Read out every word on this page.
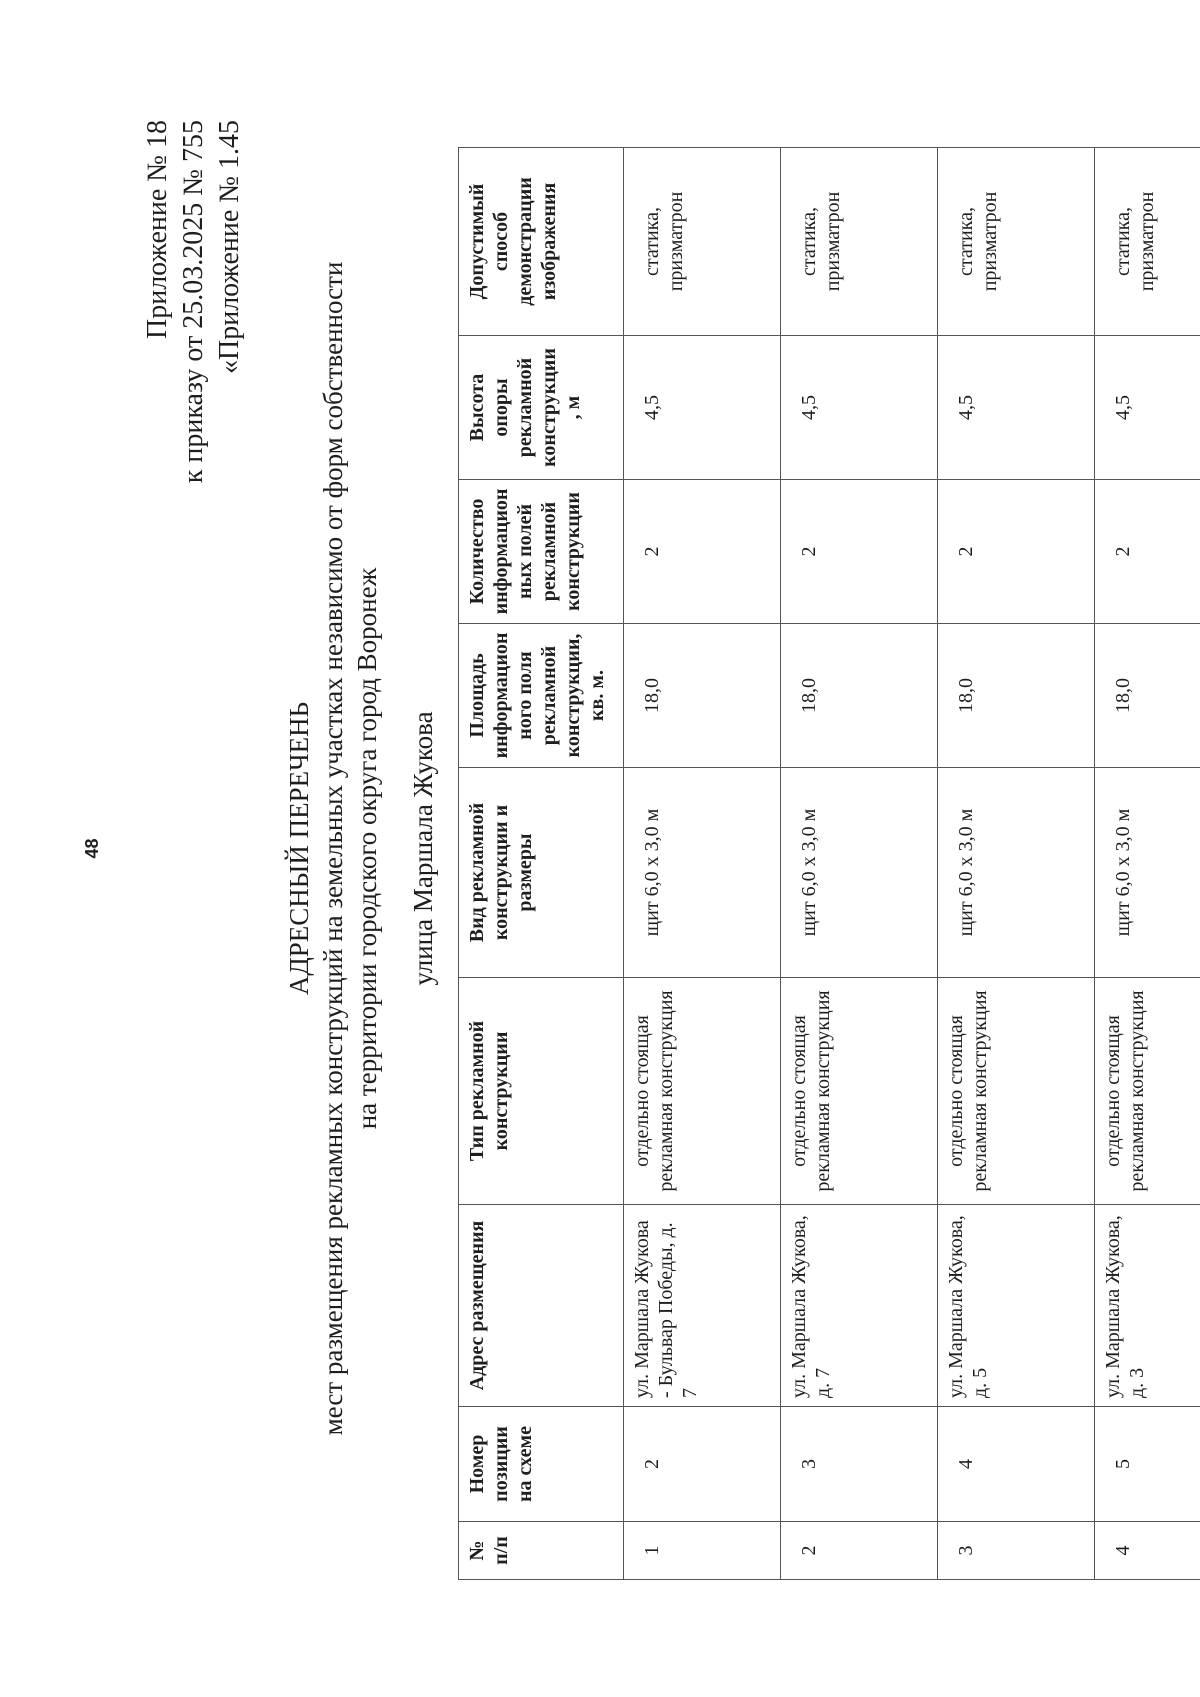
48
Приложение № 18 к приказу от 25.03.2025 № 755 «Приложение № 1.45
АДРЕСНЫЙ ПЕРЕЧЕНЬ мест размещения рекламных конструкций на земельных участках независимо от форм собственности на территории городского округа город Воронеж улица Маршала Жукова
№ п/п	Номер позиции на схеме	Адрес размещения	Тип рекламной конструкции	Вид рекламной конструкции и размеры	Площадь информацион ного поля рекламной конструкции, кв. м.	Количество информацион ных полей рекламной конструкции	Высота опоры рекламной конструкции , м	Допустимый способ демонстрации изображения
1	2	ул. Маршала Жукова - Бульвар Победы, д. 7	отдельно стоящая рекламная конструкция	щит 6,0 х 3,0 м	18,0	2	4,5	статика, призматрон
2	3	ул. Маршала Жукова, д. 7	отдельно стоящая рекламная конструкция	щит 6,0 х 3,0 м	18,0	2	4,5	статика, призматрон
3	4	ул. Маршала Жукова, д. 5	отдельно стоящая рекламная конструкция	щит 6,0 х 3,0 м	18,0	2	4,5	статика, призматрон
4	5	ул. Маршала Жукова, д. 3	отдельно стоящая рекламная конструкция	щит 6,0 х 3,0 м	18,0	2	4,5	статика, призматрон
